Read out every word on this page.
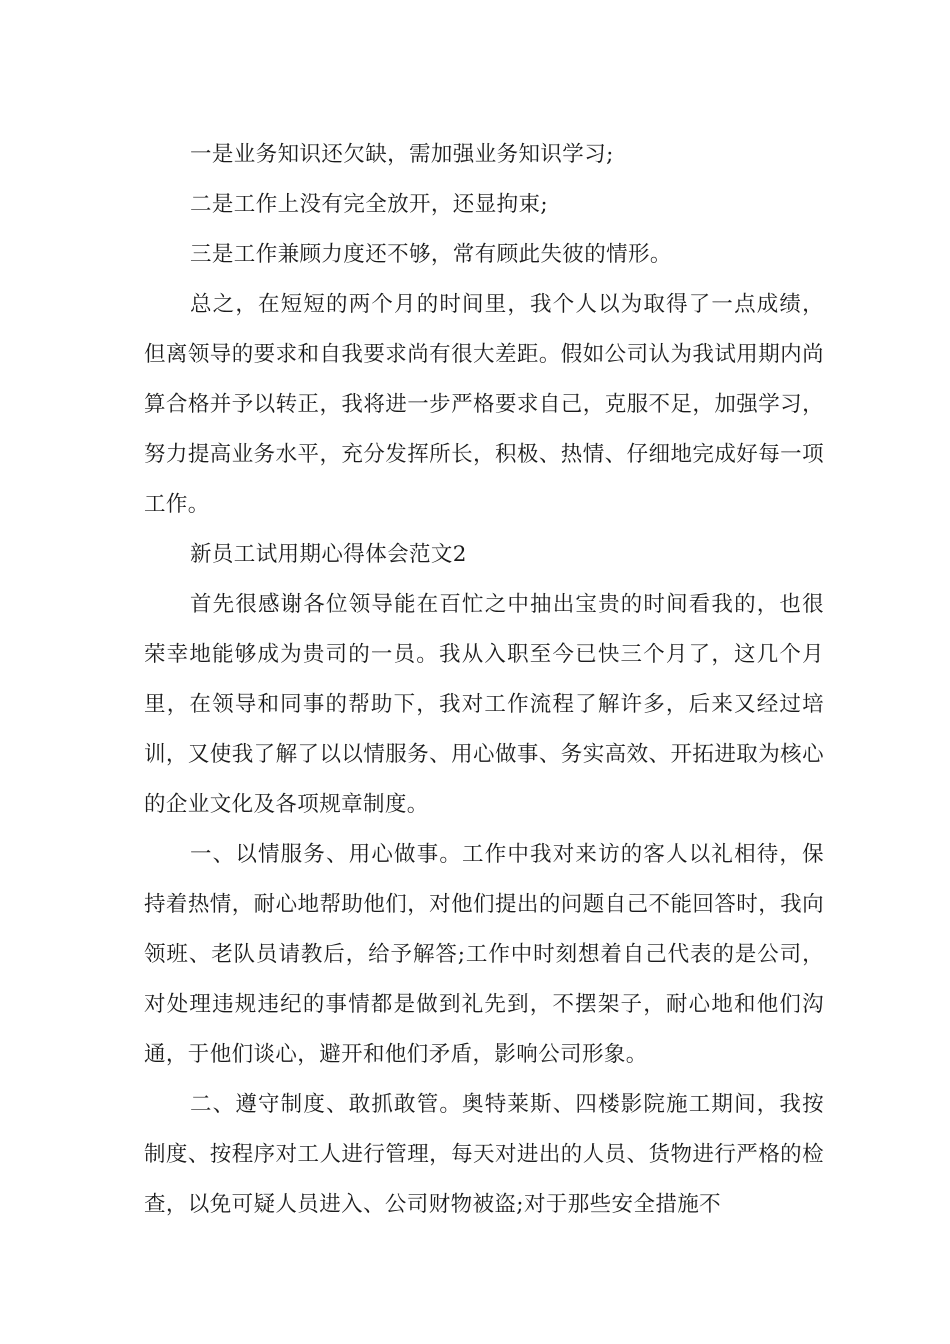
一是业务知识还欠缺，需加强业务知识学习;

二是工作上没有完全放开，还显拘束;

三是工作兼顾力度还不够，常有顾此失彼的情形。

总之，在短短的两个月的时间里，我个人以为取得了一点成绩，但离领导的要求和自我要求尚有很大差距。假如公司认为我试用期内尚算合格并予以转正，我将进一步严格要求自己，克服不足，加强学习，努力提高业务水平，充分发挥所长，积极、热情、仔细地完成好每一项工作。

新员工试用期心得体会范文2

首先很感谢各位领导能在百忙之中抽出宝贵的时间看我的，也很荣幸地能够成为贵司的一员。我从入职至今已快三个月了，这几个月里，在领导和同事的帮助下，我对工作流程了解许多，后来又经过培训，又使我了解了以以情服务、用心做事、务实高效、开拓进取为核心的企业文化及各项规章制度。

一、以情服务、用心做事。工作中我对来访的客人以礼相待，保持着热情，耐心地帮助他们，对他们提出的问题自己不能回答时，我向领班、老队员请教后，给予解答;工作中时刻想着自己代表的是公司，对处理违规违纪的事情都是做到礼先到，不摆架子，耐心地和他们沟通，于他们谈心，避开和他们矛盾，影响公司形象。

二、遵守制度、敢抓敢管。奥特莱斯、四楼影院施工期间，我按制度、按程序对工人进行管理，每天对进出的人员、货物进行严格的检查，以免可疑人员进入、公司财物被盗;对于那些安全措施不
